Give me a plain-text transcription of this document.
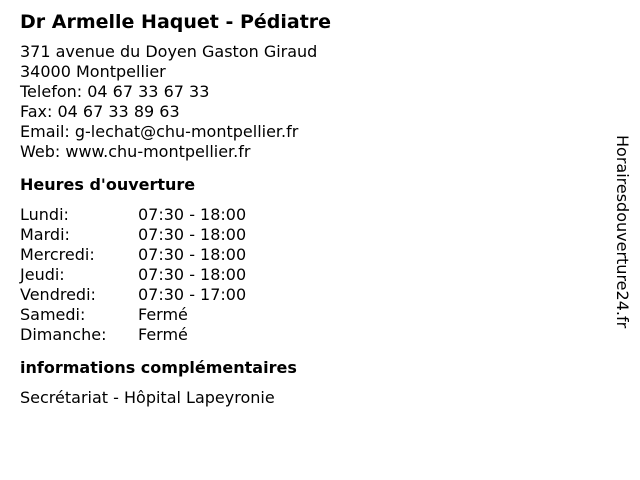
Dr Armelle Haquet - Pédiatre
371 avenue du Doyen Gaston Giraud
34000 Montpellier
Telefon: 04 67 33 67 33
Fax: 04 67 33 89 63
Email: g-lechat@chu-montpellier.fr
Web: www.chu-montpellier.fr
Heures d'ouverture
Lundi:	07:30 - 18:00
Mardi:	07:30 - 18:00
Mercredi:	07:30 - 18:00
Jeudi:	07:30 - 18:00
Vendredi:	07:30 - 17:00
Samedi:	Fermé
Dimanche:	Fermé
informations complémentaires
Secrétariat - Hôpital Lapeyronie
Horairesdouverture24.fr
